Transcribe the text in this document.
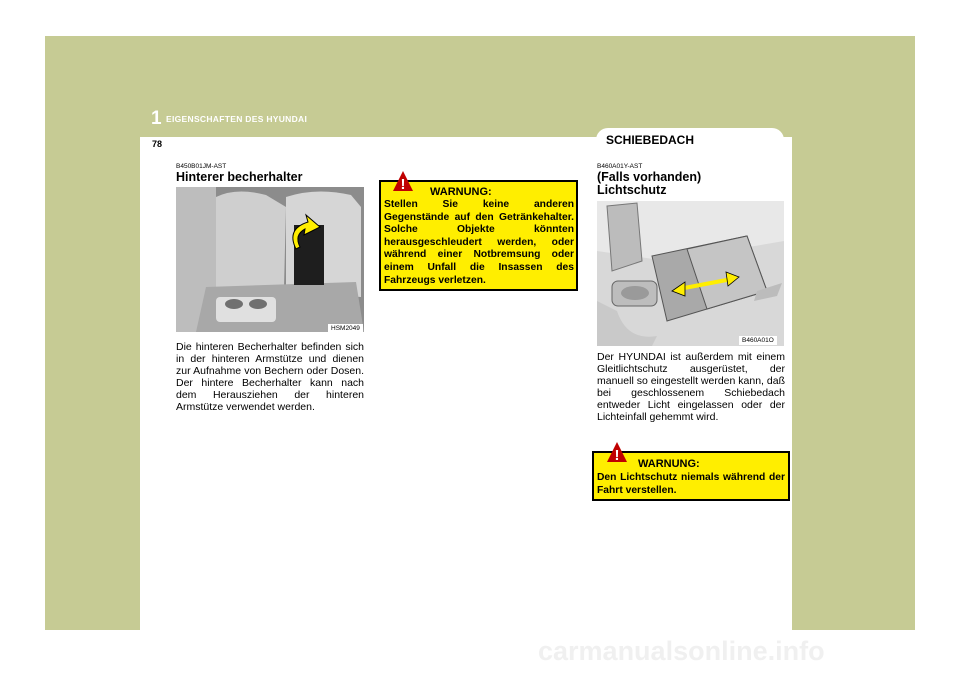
1 EIGENSCHAFTEN DES HYUNDAI
78	SCHIEBEDACH
B450B01JM-AST
Hinterer becherhalter
HSM2049
Die hinteren Becherhalter befinden sich in der hinteren Armstütze und dienen zur Aufnahme von Bechern oder Dosen. Der hintere Becherhalter kann nach dem Herausziehen der hinteren Armstütze verwendet werden.
! WARNUNG:
Stellen Sie keine anderen Gegenstände auf den Getränkehalter. Solche Objekte könnten herausgeschleudert werden, oder während einer Notbremsung oder einem Unfall die Insassen des Fahrzeugs verletzen.
B460A01Y-AST
(Falls vorhanden)
Lichtschutz
B460A01O
Der HYUNDAI ist außerdem mit einem Gleitlichtschutz ausgerüstet, der manuell so eingestellt werden kann, daß bei geschlossenem Schiebedach entweder Licht eingelassen oder der Lichteinfall gehemmt wird.
! WARNUNG:
Den Lichtschutz niemals während der Fahrt verstellen.
carmanualsonline.info
